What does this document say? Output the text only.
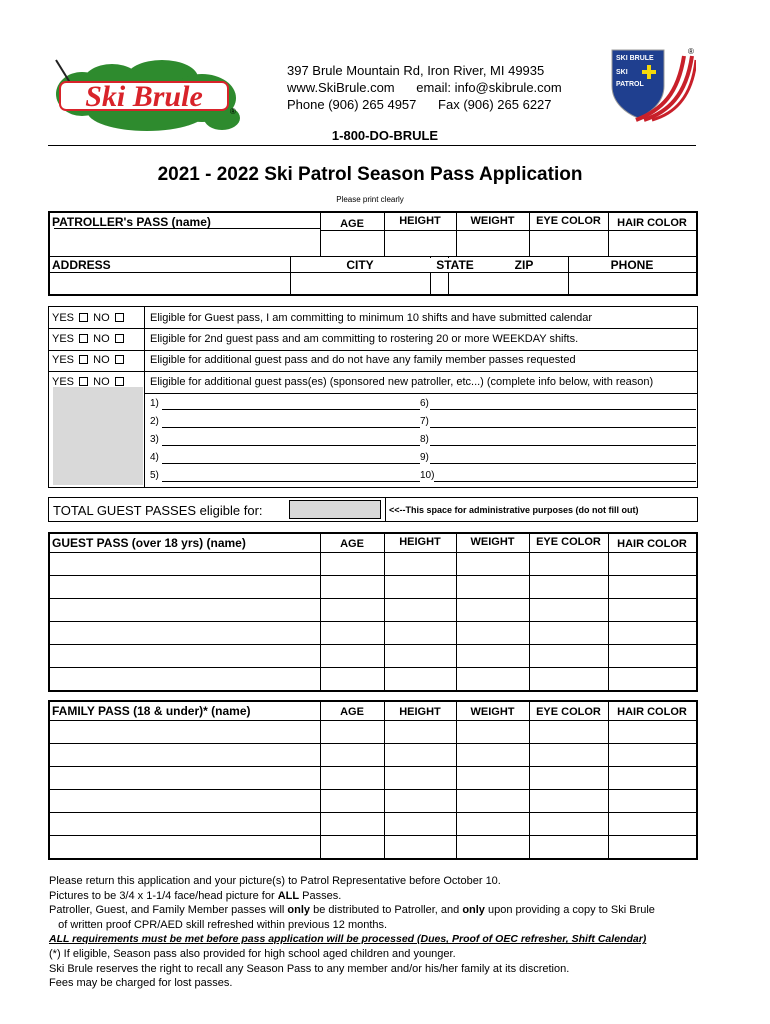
Ski Brule	®
397 Brule Mountain Rd, Iron River, MI 49935
www.SkiBrule.com      email: info@skibrule.com
Phone (906) 265 4957      Fax (906) 265 6227
SKI BRULE
SKI
PATROL
®
1-800-DO-BRULE
2021 - 2022 Ski Patrol Season Pass Application
Please print clearly
PATROLLER's PASS (name)	AGE	HEIGHT	WEIGHT	EYE COLOR	HAIR COLOR
ADDRESS	CITY	STATE	ZIP	PHONE
YES NO	Eligible for Guest pass, I am committing to minimum 10 shifts and have submitted calendar
YES NO	Eligible for 2nd guest pass and am committing to rostering 20 or more WEEKDAY shifts.
YES NO	Eligible for additional guest pass and do not have any family member passes requested
YES NO	Eligible for additional guest pass(es) (sponsored new patroller, etc...) (complete info below, with reason)
1)	6)
2)	7)
3)	8)
4)	9)
5)	10)
TOTAL GUEST PASSES eligible for:	<<--This space for administrative purposes (do not fill out)
GUEST PASS (over 18 yrs) (name)	AGE	HEIGHT	WEIGHT	EYE COLOR	HAIR COLOR
FAMILY PASS (18 & under)* (name)	AGE	HEIGHT	WEIGHT	EYE COLOR	HAIR COLOR
Please return this application and your picture(s) to Patrol Representative before October 10.
Pictures to be 3/4 x 1-1/4 face/head picture for ALL Passes.
Patroller, Guest, and Family Member passes will only be distributed to Patroller, and only upon providing a copy to Ski Brule
of written proof CPR/AED skill refreshed within previous 12 months.
ALL requirements must be met before pass application will be processed (Dues, Proof of OEC refresher, Shift Calendar)
(*) If eligible, Season pass also provided for high school aged children and younger.
Ski Brule reserves the right to recall any Season Pass to any member and/or his/her family at its discretion.
Fees may be charged for lost passes.
